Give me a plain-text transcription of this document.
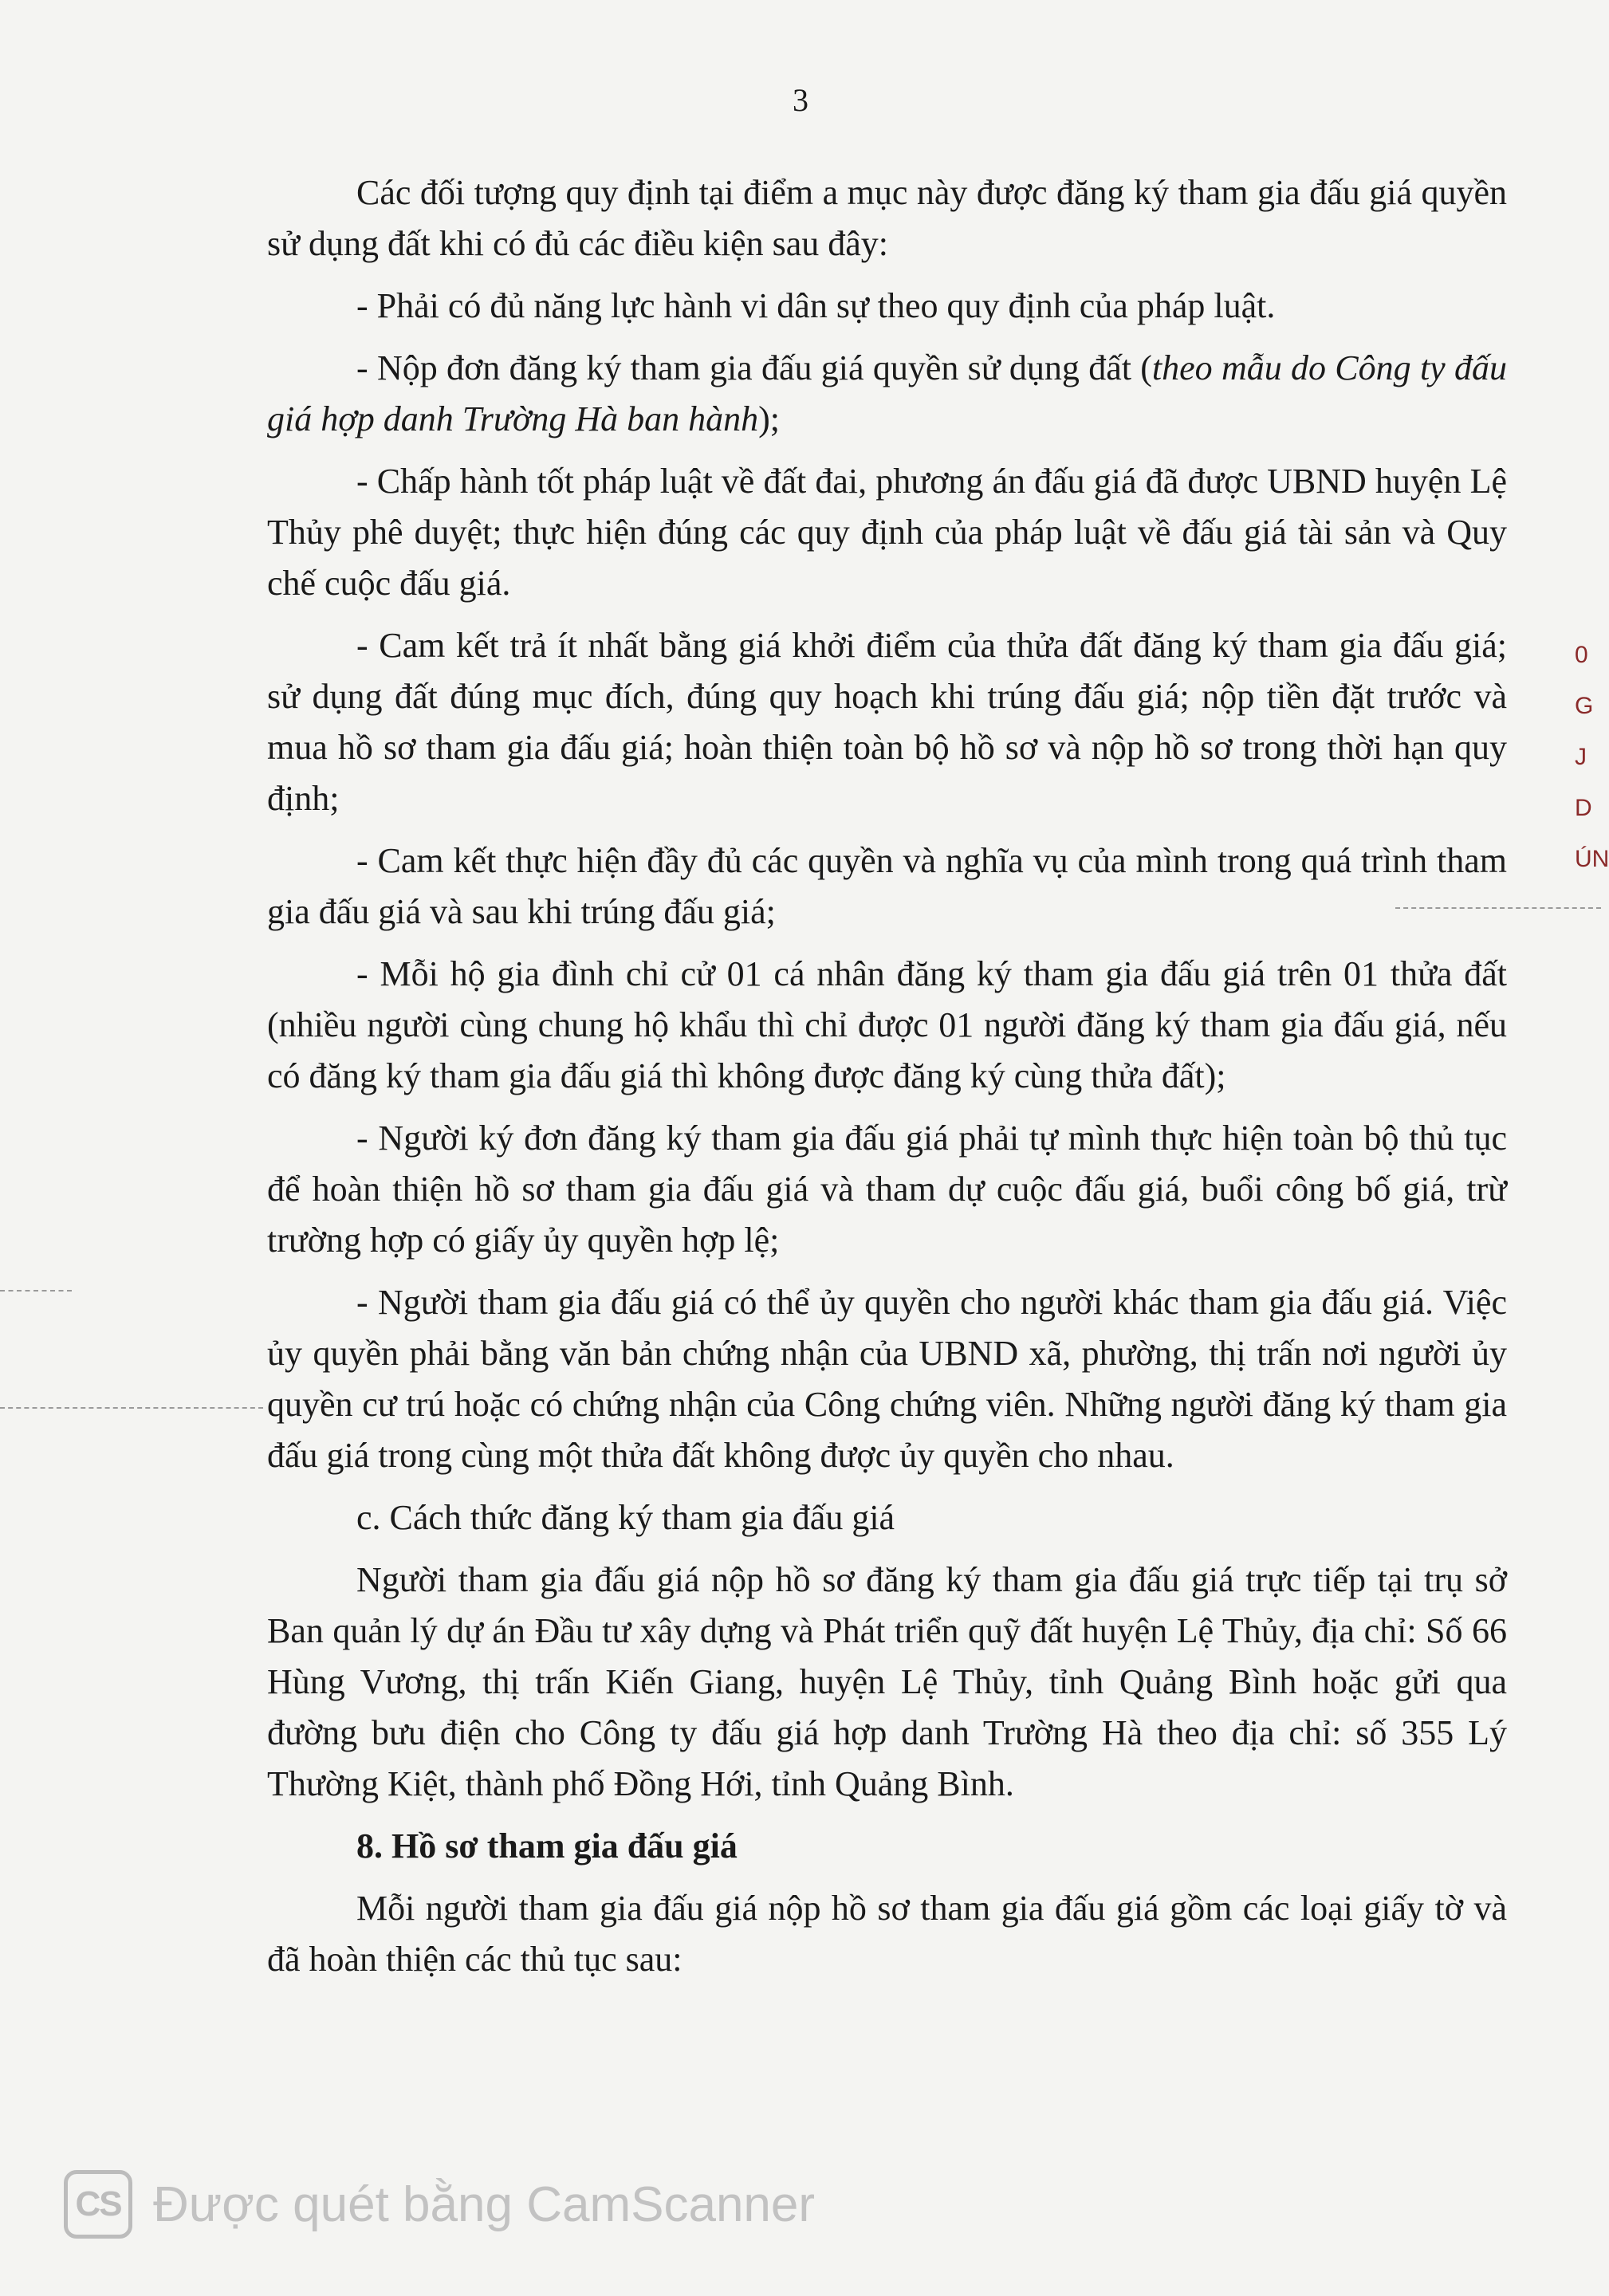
3

Các đối tượng quy định tại điểm a mục này được đăng ký tham gia đấu giá quyền sử dụng đất khi có đủ các điều kiện sau đây:

- Phải có đủ năng lực hành vi dân sự theo quy định của pháp luật.

- Nộp đơn đăng ký tham gia đấu giá quyền sử dụng đất (theo mẫu do Công ty đấu giá hợp danh Trường Hà ban hành);

- Chấp hành tốt pháp luật về đất đai, phương án đấu giá đã được UBND huyện Lệ Thủy phê duyệt; thực hiện đúng các quy định của pháp luật về đấu giá tài sản và Quy chế cuộc đấu giá.

- Cam kết trả ít nhất bằng giá khởi điểm của thửa đất đăng ký tham gia đấu giá; sử dụng đất đúng mục đích, đúng quy hoạch khi trúng đấu giá; nộp tiền đặt trước và mua hồ sơ tham gia đấu giá; hoàn thiện toàn bộ hồ sơ và nộp hồ sơ trong thời hạn quy định;

- Cam kết thực hiện đầy đủ các quyền và nghĩa vụ của mình trong quá trình tham gia đấu giá và sau khi trúng đấu giá;

- Mỗi hộ gia đình chỉ cử 01 cá nhân đăng ký tham gia đấu giá trên 01 thửa đất (nhiều người cùng chung hộ khẩu thì chỉ được 01 người đăng ký tham gia đấu giá, nếu có đăng ký tham gia đấu giá thì không được đăng ký cùng thửa đất);

- Người ký đơn đăng ký tham gia đấu giá phải tự mình thực hiện toàn bộ thủ tục để hoàn thiện hồ sơ tham gia đấu giá và tham dự cuộc đấu giá, buổi công bố giá, trừ trường hợp có giấy ủy quyền hợp lệ;

- Người tham gia đấu giá có thể ủy quyền cho người khác tham gia đấu giá. Việc ủy quyền phải bằng văn bản chứng nhận của UBND xã, phường, thị trấn nơi người ủy quyền cư trú hoặc có chứng nhận của Công chứng viên. Những người đăng ký tham gia đấu giá trong cùng một thửa đất không được ủy quyền cho nhau.

c. Cách thức đăng ký tham gia đấu giá

Người tham gia đấu giá nộp hồ sơ đăng ký tham gia đấu giá trực tiếp tại trụ sở Ban quản lý dự án Đầu tư xây dựng và Phát triển quỹ đất huyện Lệ Thủy, địa chỉ: Số 66 Hùng Vương, thị trấn Kiến Giang, huyện Lệ Thủy, tỉnh Quảng Bình hoặc gửi qua đường bưu điện cho Công ty đấu giá hợp danh Trường Hà theo địa chỉ: số 355 Lý Thường Kiệt, thành phố Đồng Hới, tỉnh Quảng Bình.

8. Hồ sơ tham gia đấu giá

Mỗi người tham gia đấu giá nộp hồ sơ tham gia đấu giá gồm các loại giấy tờ và đã hoàn thiện các thủ tục sau:

0
G
J
D
ÚN
CS Được quét bằng CamScanner
